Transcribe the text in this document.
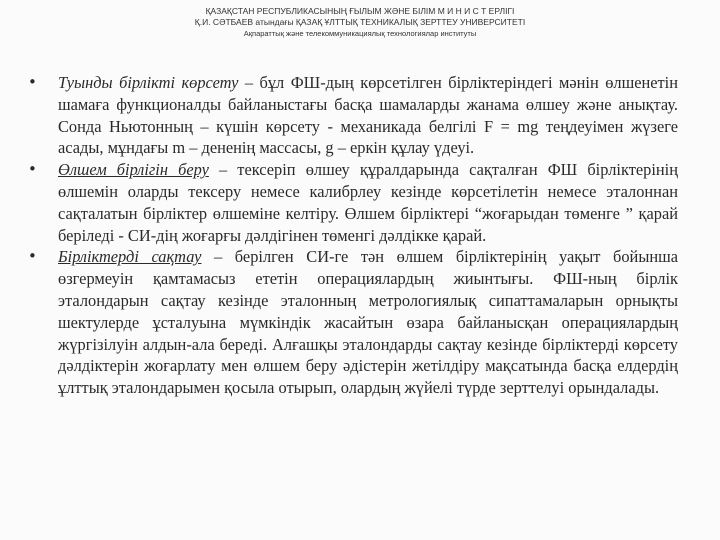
ҚАЗАҚСТАН РЕСПУБЛИКАСЫНЫҢ ҒЫЛЫМ ЖӘНЕ БІЛІМ М И Н И С Т ЕРЛІГІ
Қ.И. СӘТБАЕВ атындағы ҚАЗАҚ ҰЛТТЫҚ ТЕХНИКАЛЫҚ ЗЕРТТЕУ УНИВЕРСИТЕТІ
Ақпараттық және телекоммуникациялық технологиялар институты

• Туынды бірлікті көрсету – бұл ФШ-дың көрсетілген бірліктеріндегі мәнін өлшенетін шамаға функционалды байланыстағы басқа шамаларды жанама өлшеу және анықтау. Сонда Ньютонның – күшін көрсету - механикада белгілі F = mg теңдеуімен жүзеге асады, мұндағы m – дененің массасы, g – еркін құлау үдеуі.

• Өлшем бірлігін беру – тексеріп өлшеу құралдарында сақталған ФШ бірліктерінің өлшемін оларды тексеру немесе калибрлеу кезінде көрсетілетін немесе эталоннан сақталатын бірліктер өлшеміне келтіру. Өлшем бірліктері “жоғарыдан төменге ” қарай беріледі - СИ-дің жоғарғы дәлдігінен төменгі дәлдікке қарай.

• Бірліктерді сақтау – берілген СИ-ге тән өлшем бірліктерінің уақыт бойынша өзгермеуін қамтамасыз ететін операциялардың жиынтығы. ФШ-ның бірлік эталондарын сақтау кезінде эталонның метрологиялық сипаттамаларын орнықты шектулерде ұсталуына мүмкіндік жасайтын өзара байланысқан операциялардың жүргізілуін алдын-ала береді. Алғашқы эталондарды сақтау кезінде бірліктерді көрсету дәлдіктерін жоғарлату мен өлшем беру әдістерін жетілдіру мақсатында басқа елдердің ұлттық эталондарымен қосыла отырып, олардың жүйелі түрде зерттелуі орындалады.
